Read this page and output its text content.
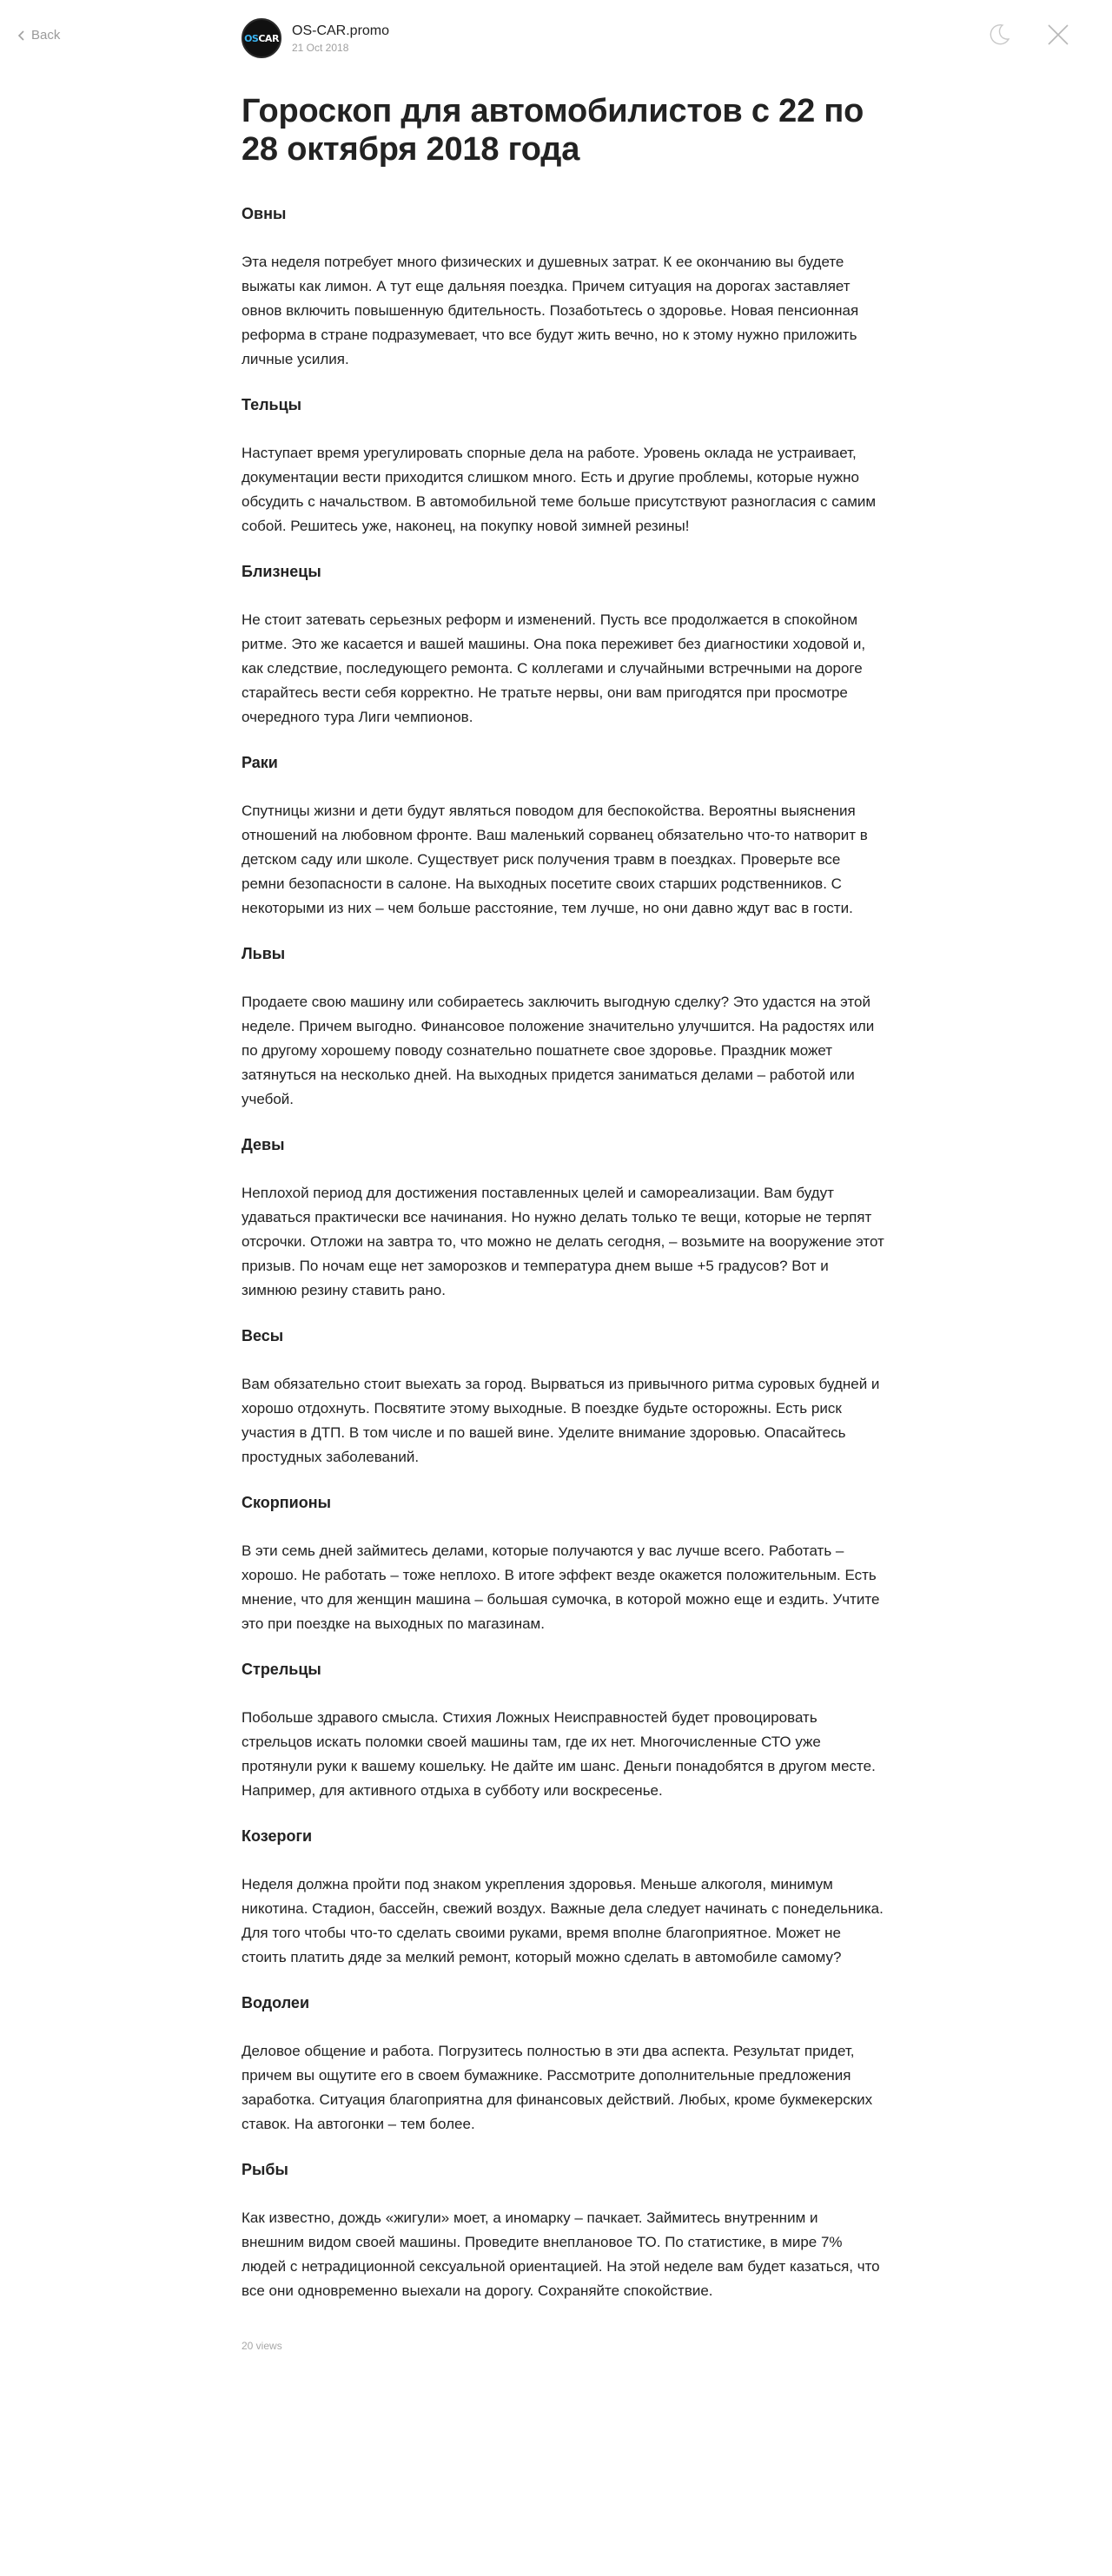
Back	OSCAR
OS-CAR.promo
21 Oct 2018
Гороскоп для автомобилистов с 22 по 28 октября 2018 года
Овны

Эта неделя потребует много физических и душевных затрат. К ее окончанию вы будете выжаты как лимон. А тут еще дальняя поездка. Причем ситуация на дорогах заставляет овнов включить повышенную бдительность. Позаботьтесь о здоровье. Новая пенсионная реформа в стране подразумевает, что все будут жить вечно, но к этому нужно приложить личные усилия.

Тельцы

Наступает время урегулировать спорные дела на работе. Уровень оклада не устраивает, документации вести приходится слишком много. Есть и другие проблемы, которые нужно обсудить с начальством. В автомобильной теме больше присутствуют разногласия с самим собой. Решитесь уже, наконец, на покупку новой зимней резины!

Близнецы

Не стоит затевать серьезных реформ и изменений. Пусть все продолжается в спокойном ритме. Это же касается и вашей машины. Она пока переживет без диагностики ходовой и, как следствие, последующего ремонта. С коллегами и случайными встречными на дороге старайтесь вести себя корректно. Не тратьте нервы, они вам пригодятся при просмотре очередного тура Лиги чемпионов.

Раки

Спутницы жизни и дети будут являться поводом для беспокойства. Вероятны выяснения отношений на любовном фронте. Ваш маленький сорванец обязательно что-то натворит в детском саду или школе. Существует риск получения травм в поездках. Проверьте все ремни безопасности в салоне. На выходных посетите своих старших родственников. С некоторыми из них – чем больше расстояние, тем лучше, но они давно ждут вас в гости.

Львы

Продаете свою машину или собираетесь заключить выгодную сделку? Это удастся на этой неделе. Причем выгодно. Финансовое положение значительно улучшится. На радостях или по другому хорошему поводу сознательно пошатнете свое здоровье. Праздник может затянуться на несколько дней. На выходных придется заниматься делами – работой или учебой.

Девы

Неплохой период для достижения поставленных целей и самореализации. Вам будут удаваться практически все начинания. Но нужно делать только те вещи, которые не терпят отсрочки. Отложи на завтра то, что можно не делать сегодня, – возьмите на вооружение этот призыв. По ночам еще нет заморозков и температура днем выше +5 градусов? Вот и зимнюю резину ставить рано.

Весы

Вам обязательно стоит выехать за город. Вырваться из привычного ритма суровых будней и хорошо отдохнуть. Посвятите этому выходные. В поездке будьте осторожны. Есть риск участия в ДТП. В том числе и по вашей вине. Уделите внимание здоровью. Опасайтесь простудных заболеваний.

Скорпионы

В эти семь дней займитесь делами, которые получаются у вас лучше всего. Работать – хорошо. Не работать – тоже неплохо. В итоге эффект везде окажется положительным. Есть мнение, что для женщин машина – большая сумочка, в которой можно еще и ездить. Учтите это при поездке на выходных по магазинам.

Стрельцы

Побольше здравого смысла. Стихия Ложных Неисправностей будет провоцировать стрельцов искать поломки своей машины там, где их нет. Многочисленные СТО уже протянули руки к вашему кошельку. Не дайте им шанс. Деньги понадобятся в другом месте. Например, для активного отдыха в субботу или воскресенье.

Козероги

Неделя должна пройти под знаком укрепления здоровья. Меньше алкоголя, минимум никотина. Стадион, бассейн, свежий воздух. Важные дела следует начинать с понедельника. Для того чтобы что-то сделать своими руками, время вполне благоприятное. Может не стоить платить дяде за мелкий ремонт, который можно сделать в автомобиле самому?

Водолеи

Деловое общение и работа. Погрузитесь полностью в эти два аспекта. Результат придет, причем вы ощутите его в своем бумажнике. Рассмотрите дополнительные предложения заработка. Ситуация благоприятна для финансовых действий. Любых, кроме букмекерских ставок. На автогонки – тем более.

Рыбы

Как известно, дождь «жигули» моет, а иномарку – пачкает. Займитесь внутренним и внешним видом своей машины. Проведите внеплановое ТО. По статистике, в мире 7% людей с нетрадиционной сексуальной ориентацией. На этой неделе вам будет казаться, что все они одновременно выехали на дорогу. Сохраняйте спокойствие.

20 views
